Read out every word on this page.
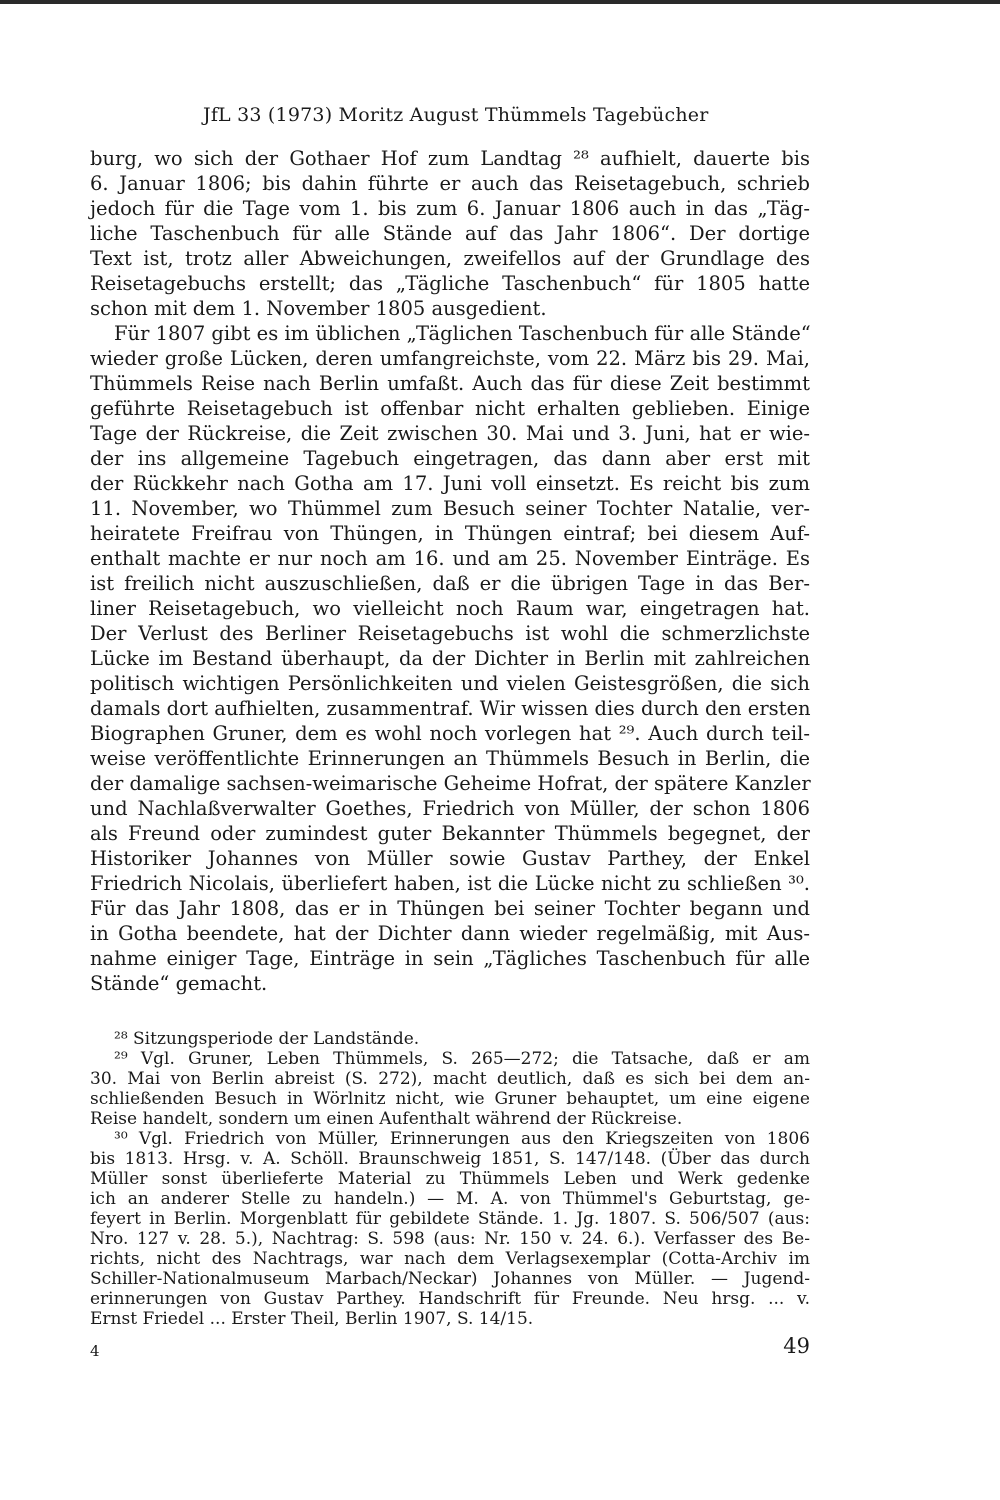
JfL 33 (1973) Moritz August Thümmels Tagebücher
burg, wo sich der Gothaer Hof zum Landtag ²⁸ aufhielt, dauerte bis
6. Januar 1806; bis dahin führte er auch das Reisetagebuch, schrieb
jedoch für die Tage vom 1. bis zum 6. Januar 1806 auch in das „Täg-
liche Taschenbuch für alle Stände auf das Jahr 1806“. Der dortige
Text ist, trotz aller Abweichungen, zweifellos auf der Grundlage des
Reisetagebuchs erstellt; das „Tägliche Taschenbuch“ für 1805 hatte
schon mit dem 1. November 1805 ausgedient.
Für 1807 gibt es im üblichen „Täglichen Taschenbuch für alle Stände“
wieder große Lücken, deren umfangreichste, vom 22. März bis 29. Mai,
Thümmels Reise nach Berlin umfaßt. Auch das für diese Zeit bestimmt
geführte Reisetagebuch ist offenbar nicht erhalten geblieben. Einige
Tage der Rückreise, die Zeit zwischen 30. Mai und 3. Juni, hat er wie-
der ins allgemeine Tagebuch eingetragen, das dann aber erst mit
der Rückkehr nach Gotha am 17. Juni voll einsetzt. Es reicht bis zum
11. November, wo Thümmel zum Besuch seiner Tochter Natalie, ver-
heiratete Freifrau von Thüngen, in Thüngen eintraf; bei diesem Auf-
enthalt machte er nur noch am 16. und am 25. November Einträge. Es
ist freilich nicht auszuschließen, daß er die übrigen Tage in das Ber-
liner Reisetagebuch, wo vielleicht noch Raum war, eingetragen hat.
Der Verlust des Berliner Reisetagebuchs ist wohl die schmerzlichste
Lücke im Bestand überhaupt, da der Dichter in Berlin mit zahlreichen
politisch wichtigen Persönlichkeiten und vielen Geistesgrößen, die sich
damals dort aufhielten, zusammentraf. Wir wissen dies durch den ersten
Biographen Gruner, dem es wohl noch vorlegen hat ²⁹. Auch durch teil-
weise veröffentlichte Erinnerungen an Thümmels Besuch in Berlin, die
der damalige sachsen-weimarische Geheime Hofrat, der spätere Kanzler
und Nachlaßverwalter Goethes, Friedrich von Müller, der schon 1806
als Freund oder zumindest guter Bekannter Thümmels begegnet, der
Historiker Johannes von Müller sowie Gustav Parthey, der Enkel
Friedrich Nicolais, überliefert haben, ist die Lücke nicht zu schließen ³⁰.
Für das Jahr 1808, das er in Thüngen bei seiner Tochter begann und
in Gotha beendete, hat der Dichter dann wieder regelmäßig, mit Aus-
nahme einiger Tage, Einträge in sein „Tägliches Taschenbuch für alle
Stände“ gemacht.
²⁸ Sitzungsperiode der Landstände.
²⁹ Vgl. Gruner, Leben Thümmels, S. 265—272; die Tatsache, daß er am
30. Mai von Berlin abreist (S. 272), macht deutlich, daß es sich bei dem an-
schließenden Besuch in Wörlnitz nicht, wie Gruner behauptet, um eine eigene
Reise handelt, sondern um einen Aufenthalt während der Rückreise.
³⁰ Vgl. Friedrich von Müller, Erinnerungen aus den Kriegszeiten von 1806
bis 1813. Hrsg. v. A. Schöll. Braunschweig 1851, S. 147/148. (Über das durch
Müller sonst überlieferte Material zu Thümmels Leben und Werk gedenke
ich an anderer Stelle zu handeln.) — M. A. von Thümmel's Geburtstag, ge-
feyert in Berlin. Morgenblatt für gebildete Stände. 1. Jg. 1807. S. 506/507 (aus:
Nro. 127 v. 28. 5.), Nachtrag: S. 598 (aus: Nr. 150 v. 24. 6.). Verfasser des Be-
richts, nicht des Nachtrags, war nach dem Verlagsexemplar (Cotta-Archiv im
Schiller-Nationalmuseum Marbach/Neckar) Johannes von Müller. — Jugend-
erinnerungen von Gustav Parthey. Handschrift für Freunde. Neu hrsg. ... v.
Ernst Friedel ... Erster Theil, Berlin 1907, S. 14/15.
4	49
